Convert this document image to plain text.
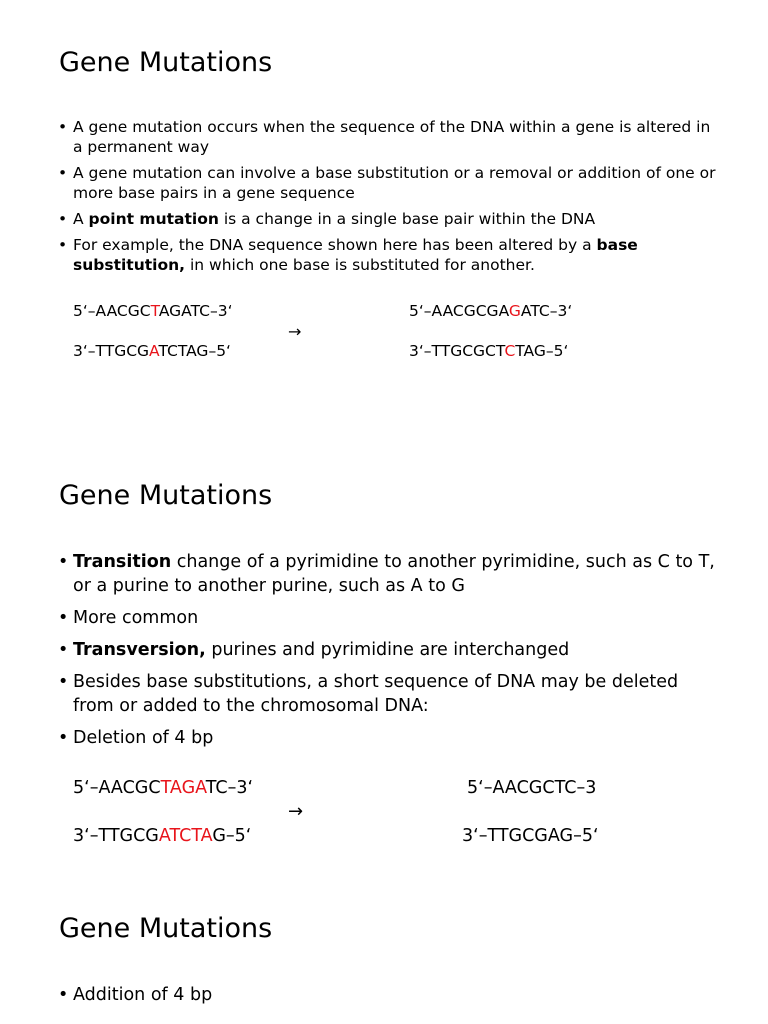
Gene Mutations
• A gene mutation occurs when the sequence of the DNA within a gene is altered in a permanent way
• A gene mutation can involve a base substitution or a removal or addition of one or more base pairs in a gene sequence
• A point mutation is a change in a single base pair within the DNA
• For example, the DNA sequence shown here has been altered by a base substitution, in which one base is substituted for another.
5‘–AACGCTAGATC–3‘
3‘–TTGCGATCTAG–5‘
→
5‘–AACGCGAGATC–3‘
3‘–TTGCGCTCTAG–5‘
Gene Mutations
• Transition change of a pyrimidine to another pyrimidine, such as C to T, or a purine to another purine, such as A to G
• More common
• Transversion, purines and pyrimidine are interchanged
• Besides base substitutions, a short sequence of DNA may be deleted from or added to the chromosomal DNA:
• Deletion of 4 bp
5‘–AACGCTAGATC–3‘
3‘–TTGCGATCTAG–5‘
→
5‘–AACGCTC–3
3‘–TTGCGAG–5‘
Gene Mutations
• Addition of 4 bp
